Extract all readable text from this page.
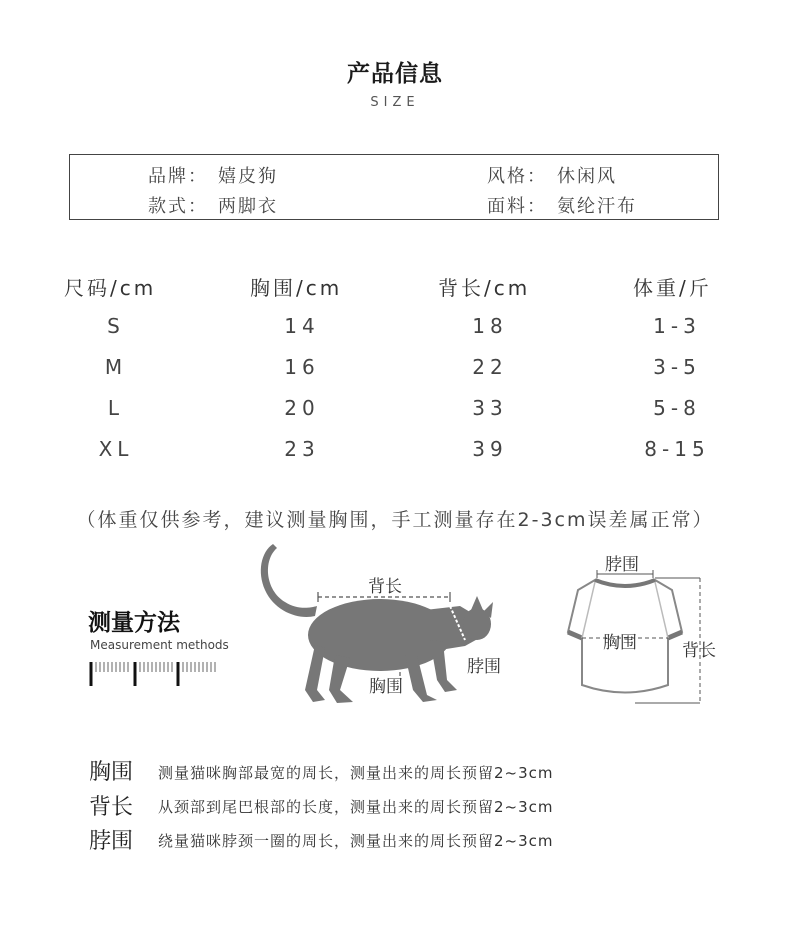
产品信息
SIZE
品牌： 嬉皮狗	风格： 休闲风
款式： 两脚衣	面料： 氨纶汗布
尺码/cm	胸围/cm	背长/cm	体重/斤
S	14	18	1-3
M	16	22	3-5
L	20	33	5-8
XL	23	39	8-15
（体重仅供参考，建议测量胸围，手工测量存在2-3cm误差属正常）
测量方法
Measurement methods
背长
脖围
胸围
脖围
胸围	背长
胸围 测量猫咪胸部最宽的周长，测量出来的周长预留2~3cm
背长 从颈部到尾巴根部的长度，测量出来的周长预留2~3cm
脖围 绕量猫咪脖颈一圈的周长，测量出来的周长预留2~3cm
